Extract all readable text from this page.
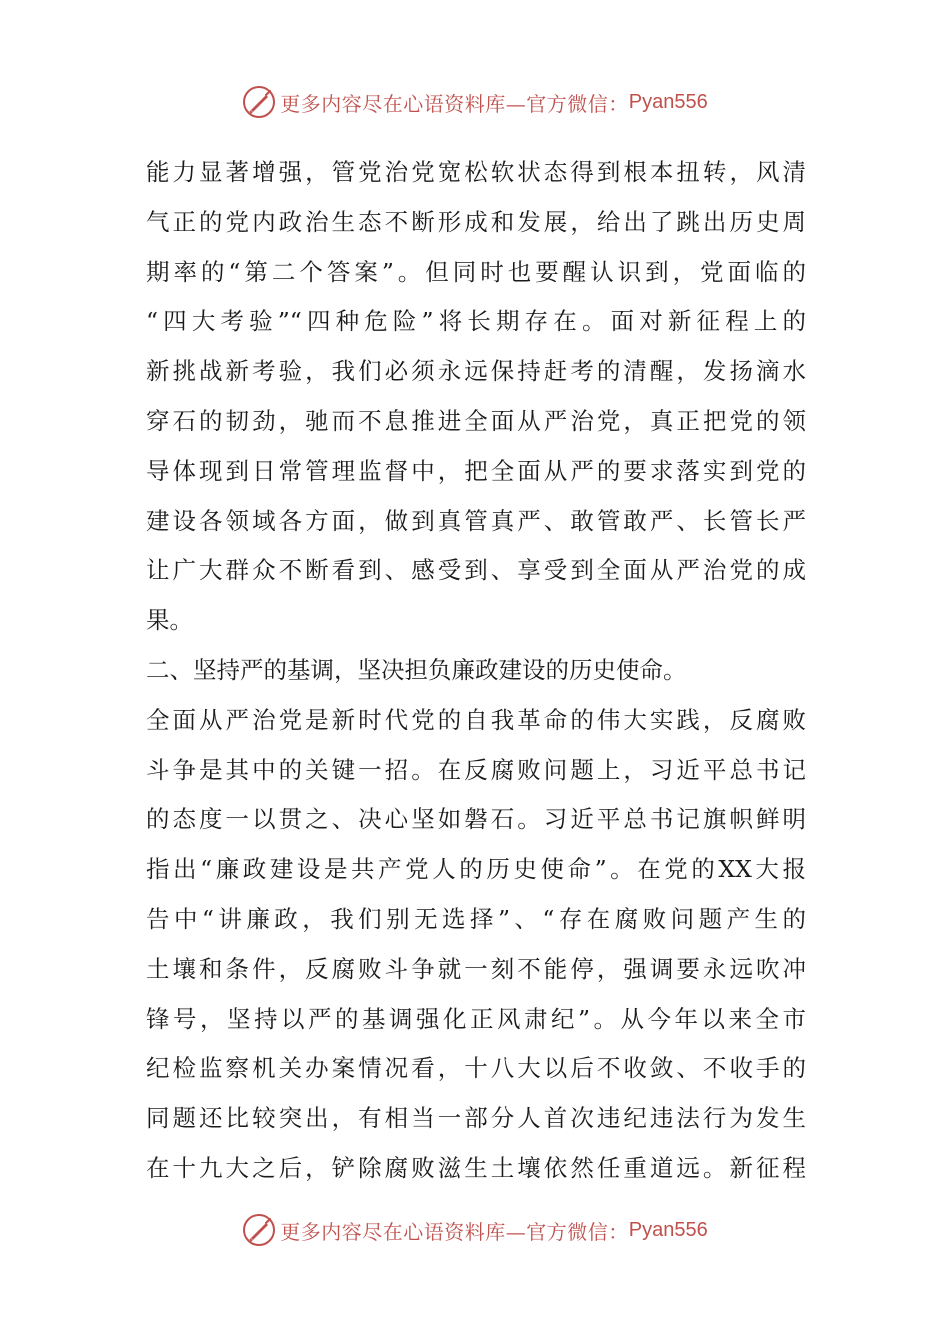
更多内容尽在心语资料库—官方微信： Pyan556
能力显著增强，管党治党宽松软状态得到根本扭转，风清
气正的党内政治生态不断形成和发展，给出了跳出历史周
期率的“第二个答案”。但同时也要醒认识到，党面临的
“四大考验”“四种危险”将长期存在。面对新征程上的
新挑战新考验，我们必须永远保持赶考的清醒，发扬滴水
穿石的韧劲，驰而不息推进全面从严治党，真正把党的领
导体现到日常管理监督中，把全面从严的要求落实到党的
建设各领域各方面，做到真管真严、敢管敢严、长管长严
让广大群众不断看到、感受到、享受到全面从严治党的成
果。
二、坚持严的基调，坚决担负廉政建设的历史使命。
全面从严治党是新时代党的自我革命的伟大实践，反腐败
斗争是其中的关键一招。在反腐败问题上，习近平总书记
的态度一以贯之、决心坚如磐石。习近平总书记旗帜鲜明
指出“廉政建设是共产党人的历史使命”。在党的XX大报
告中“讲廉政，我们别无选择”、“存在腐败问题产生的
土壤和条件，反腐败斗争就一刻不能停，强调要永远吹冲
锋号，坚持以严的基调强化正风肃纪”。从今年以来全市
纪检监察机关办案情况看，十八大以后不收敛、不收手的
同题还比较突出，有相当一部分人首次违纪违法行为发生
在十九大之后，铲除腐败滋生土壤依然任重道远。新征程
更多内容尽在心语资料库—官方微信： Pyan556
